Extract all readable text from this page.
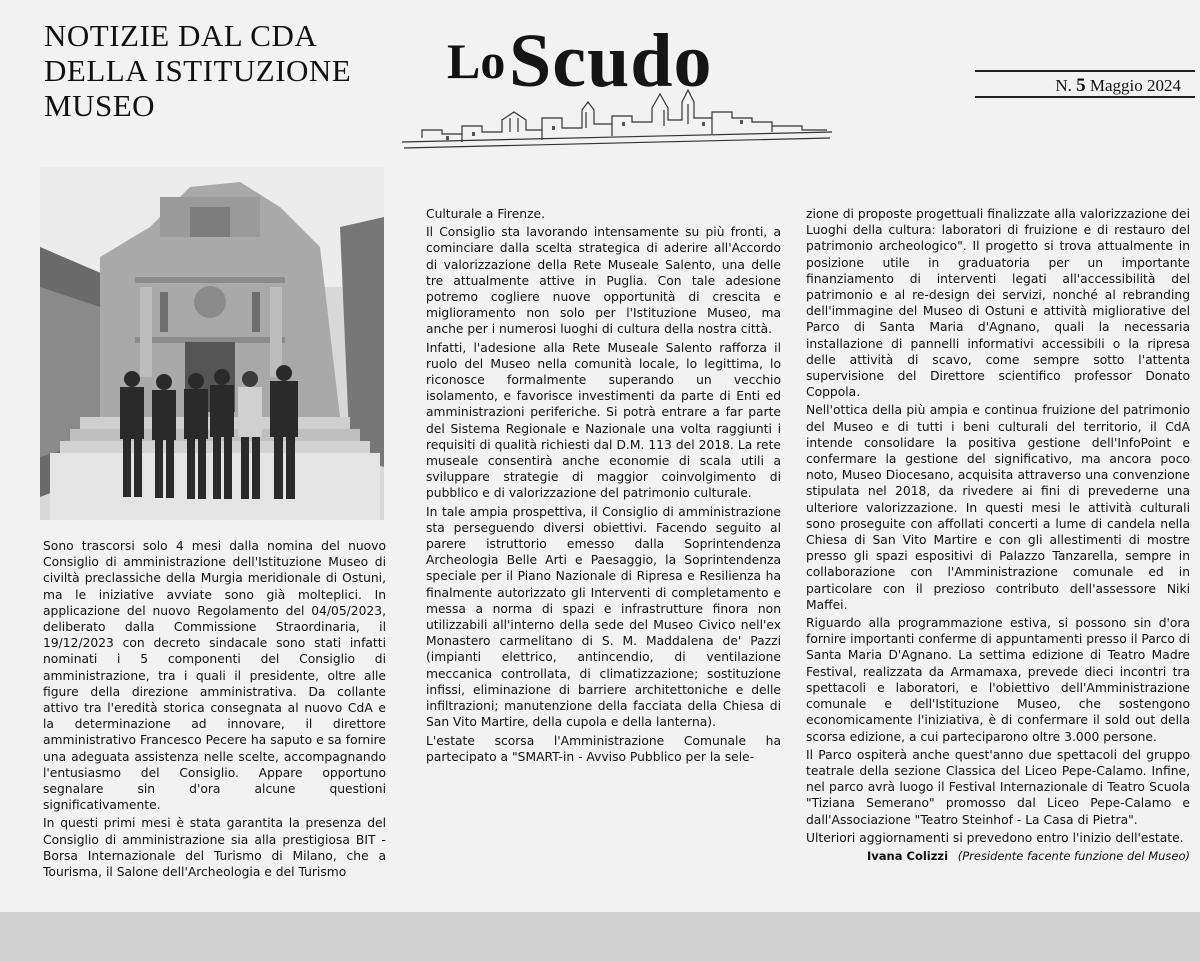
NOTIZIE DAL CDA DELLA ISTITUZIONE MUSEO
Lo Scudo	N. 5 Maggio 2024

Sono trascorsi solo 4 mesi dalla nomina del nuovo Consiglio di amministrazione dell'Istituzione Museo di civiltà preclassiche della Murgia meridionale di Ostuni, ma le iniziative avviate sono già molteplici. In applicazione del nuovo Regolamento del 04/05/2023, deliberato dalla Commissione Straordinaria, il 19/12/2023 con decreto sindacale sono stati infatti nominati i 5 componenti del Consiglio di amministrazione, tra i quali il presidente, oltre alle figure della direzione amministrativa. Da collante attivo tra l'eredità storica consegnata al nuovo CdA e la determinazione ad innovare, il direttore amministrativo Francesco Pecere ha saputo e sa fornire una adeguata assistenza nelle scelte, accompagnando l'entusiasmo del Consiglio. Appare opportuno segnalare sin d'ora alcune questioni significativamente.

In questi primi mesi è stata garantita la presenza del Consiglio di amministrazione sia alla prestigiosa BIT - Borsa Internazionale del Turismo di Milano, che a Tourisma, il Salone dell'Archeologia e del Turismo

Culturale a Firenze.

Il Consiglio sta lavorando intensamente su più fronti, a cominciare dalla scelta strategica di aderire all'Accordo di valorizzazione della Rete Museale Salento, una delle tre attualmente attive in Puglia. Con tale adesione potremo cogliere nuove opportunità di crescita e miglioramento non solo per l'Istituzione Museo, ma anche per i numerosi luoghi di cultura della nostra città.

Infatti, l'adesione alla Rete Museale Salento rafforza il ruolo del Museo nella comunità locale, lo legittima, lo riconosce formalmente superando un vecchio isolamento, e favorisce investimenti da parte di Enti ed amministrazioni periferiche. Si potrà entrare a far parte del Sistema Regionale e Nazionale una volta raggiunti i requisiti di qualità richiesti dal D.M. 113 del 2018. La rete museale consentirà anche economie di scala utili a sviluppare strategie di maggior coinvolgimento di pubblico e di valorizzazione del patrimonio culturale.

In tale ampia prospettiva, il Consiglio di amministrazione sta perseguendo diversi obiettivi. Facendo seguito al parere istruttorio emesso dalla Soprintendenza Archeologia Belle Arti e Paesaggio, la Soprintendenza speciale per il Piano Nazionale di Ripresa e Resilienza ha finalmente autorizzato gli Interventi di completamento e messa a norma di spazi e infrastrutture finora non utilizzabili all'interno della sede del Museo Civico nell'ex Monastero carmelitano di S. M. Maddalena de' Pazzi (impianti elettrico, antincendio, di ventilazione meccanica controllata, di climatizzazione; sostituzione infissi, eliminazione di barriere architettoniche e delle infiltrazioni; manutenzione della facciata della Chiesa di San Vito Martire, della cupola e della lanterna).

L'estate scorsa l'Amministrazione Comunale ha partecipato a "SMART-in - Avviso Pubblico per la sele-

zione di proposte progettuali finalizzate alla valorizzazione dei Luoghi della cultura: laboratori di fruizione e di restauro del patrimonio archeologico". Il progetto si trova attualmente in posizione utile in graduatoria per un importante finanziamento di interventi legati all'accessibilità del patrimonio e al re-design dei servizi, nonché al rebranding dell'immagine del Museo di Ostuni e attività migliorative del Parco di Santa Maria d'Agnano, quali la necessaria installazione di pannelli informativi accessibili o la ripresa delle attività di scavo, come sempre sotto l'attenta supervisione del Direttore scientifico professor Donato Coppola.

Nell'ottica della più ampia e continua fruizione del patrimonio del Museo e di tutti i beni culturali del territorio, il CdA intende consolidare la positiva gestione dell'InfoPoint e confermare la gestione del significativo, ma ancora poco noto, Museo Diocesano, acquisita attraverso una convenzione stipulata nel 2018, da rivedere ai fini di prevederne una ulteriore valorizzazione. In questi mesi le attività culturali sono proseguite con affollati concerti a lume di candela nella Chiesa di San Vito Martire e con gli allestimenti di mostre presso gli spazi espositivi di Palazzo Tanzarella, sempre in collaborazione con l'Amministrazione comunale ed in particolare con il prezioso contributo dell'assessore Niki Maffei.

Riguardo alla programmazione estiva, si possono sin d'ora fornire importanti conferme di appuntamenti presso il Parco di Santa Maria D'Agnano. La settima edizione di Teatro Madre Festival, realizzata da Armamaxa, prevede dieci incontri tra spettacoli e laboratori, e l'obiettivo dell'Amministrazione comunale e dell'Istituzione Museo, che sostengono economicamente l'iniziativa, è di confermare il sold out della scorsa edizione, a cui parteciparono oltre 3.000 persone.

Il Parco ospiterà anche quest'anno due spettacoli del gruppo teatrale della sezione Classica del Liceo Pepe-Calamo. Infine, nel parco avrà luogo il Festival Internazionale di Teatro Scuola "Tiziana Semerano" promosso dal Liceo Pepe-Calamo e dall'Associazione "Teatro Steinhof - La Casa di Pietra".

Ulteriori aggiornamenti si prevedono entro l'inizio dell'estate.

Ivana Colizzi (Presidente facente funzione del Museo)
